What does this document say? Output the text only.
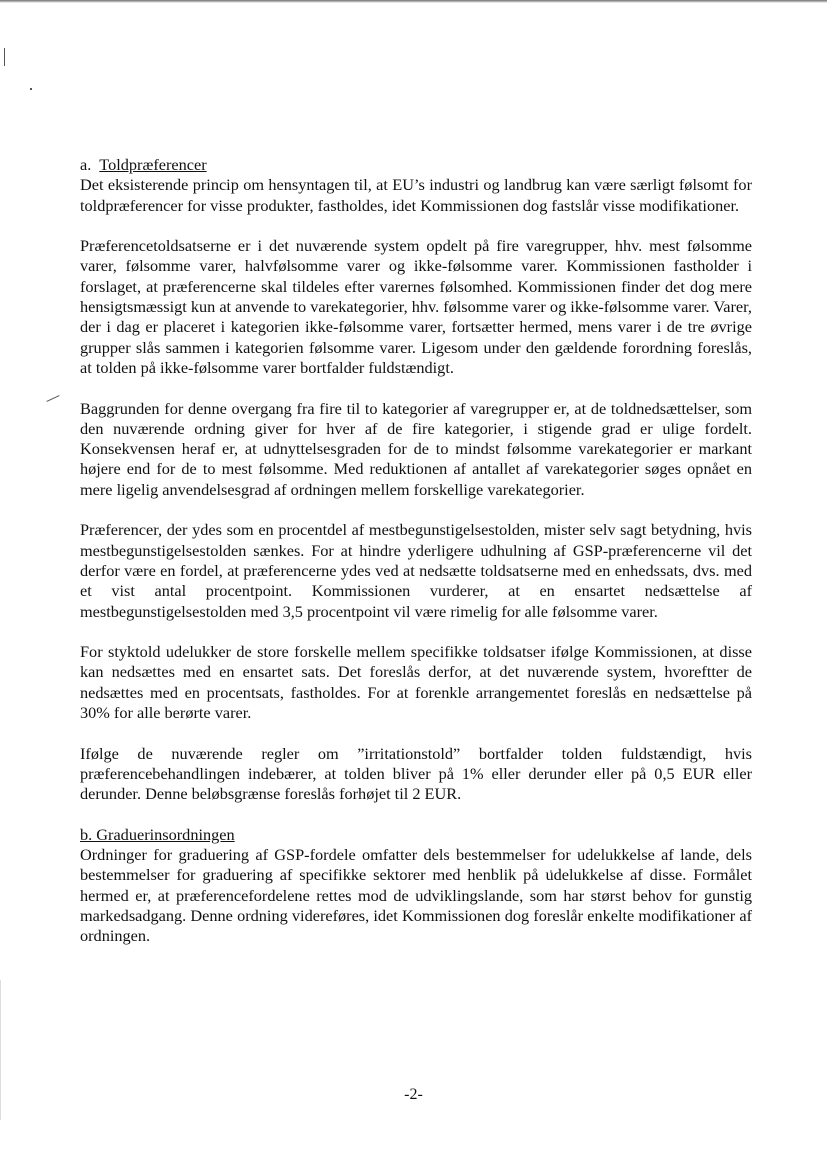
a. Toldpræferencer

Det eksisterende princip om hensyntagen til, at EU’s industri og landbrug kan være særligt følsomt for toldpræferencer for visse produkter, fastholdes, idet Kommissionen dog fastslår visse modifikationer.

Præferencetoldsatserne er i det nuværende system opdelt på fire varegrupper, hhv. mest følsomme varer, følsomme varer, halvfølsomme varer og ikke-følsomme varer. Kommissionen fastholder i forslaget, at præferencerne skal tildeles efter varernes følsomhed. Kommissionen finder det dog mere hensigtsmæssigt kun at anvende to varekategorier, hhv. følsomme varer og ikke-følsomme varer. Varer, der i dag er placeret i kategorien ikke-følsomme varer, fortsætter hermed, mens varer i de tre øvrige grupper slås sammen i kategorien følsomme varer. Ligesom under den gældende forordning foreslås, at tolden på ikke-følsomme varer bortfalder fuldstændigt.

Baggrunden for denne overgang fra fire til to kategorier af varegrupper er, at de toldnedsættelser, som den nuværende ordning giver for hver af de fire kategorier, i stigende grad er ulige fordelt. Konsekvensen heraf er, at udnyttelsesgraden for de to mindst følsomme varekategorier er markant højere end for de to mest følsomme. Med reduktionen af antallet af varekategorier søges opnået en mere ligelig anvendelsesgrad af ordningen mellem forskellige varekategorier.

Præferencer, der ydes som en procentdel af mestbegunstigelsestolden, mister selv sagt betydning, hvis mestbegunstigelsestolden sænkes. For at hindre yderligere udhulning af GSP-præferencerne vil det derfor være en fordel, at præferencerne ydes ved at nedsætte toldsatserne med en enhedssats, dvs. med et vist antal procentpoint. Kommissionen vurderer, at en ensartet nedsættelse af mestbegunstigelsestolden med 3,5 procentpoint vil være rimelig for alle følsomme varer.

For styktold udelukker de store forskelle mellem specifikke toldsatser ifølge Kommissionen, at disse kan nedsættes med en ensartet sats. Det foreslås derfor, at det nuværende system, hvoreftter de nedsættes med en procentsats, fastholdes. For at forenkle arrangementet foreslås en nedsættelse på 30% for alle berørte varer.

Ifølge de nuværende regler om ”irritationstold” bortfalder tolden fuldstændigt, hvis præferencebehandlingen indebærer, at tolden bliver på 1% eller derunder eller på 0,5 EUR eller derunder. Denne beløbsgrænse foreslås forhøjet til 2 EUR.

b. Graduerinsordningen

Ordninger for graduering af GSP-fordele omfatter dels bestemmelser for udelukkelse af lande, dels bestemmelser for graduering af specifikke sektorer med henblik på udelukkelse af disse. Formålet hermed er, at præferencefordelene rettes mod de udviklingslande, som har størst behov for gunstig markedsadgang. Denne ordning videreføres, idet Kommissionen dog foreslår enkelte modifikationer af ordningen.

-2-
